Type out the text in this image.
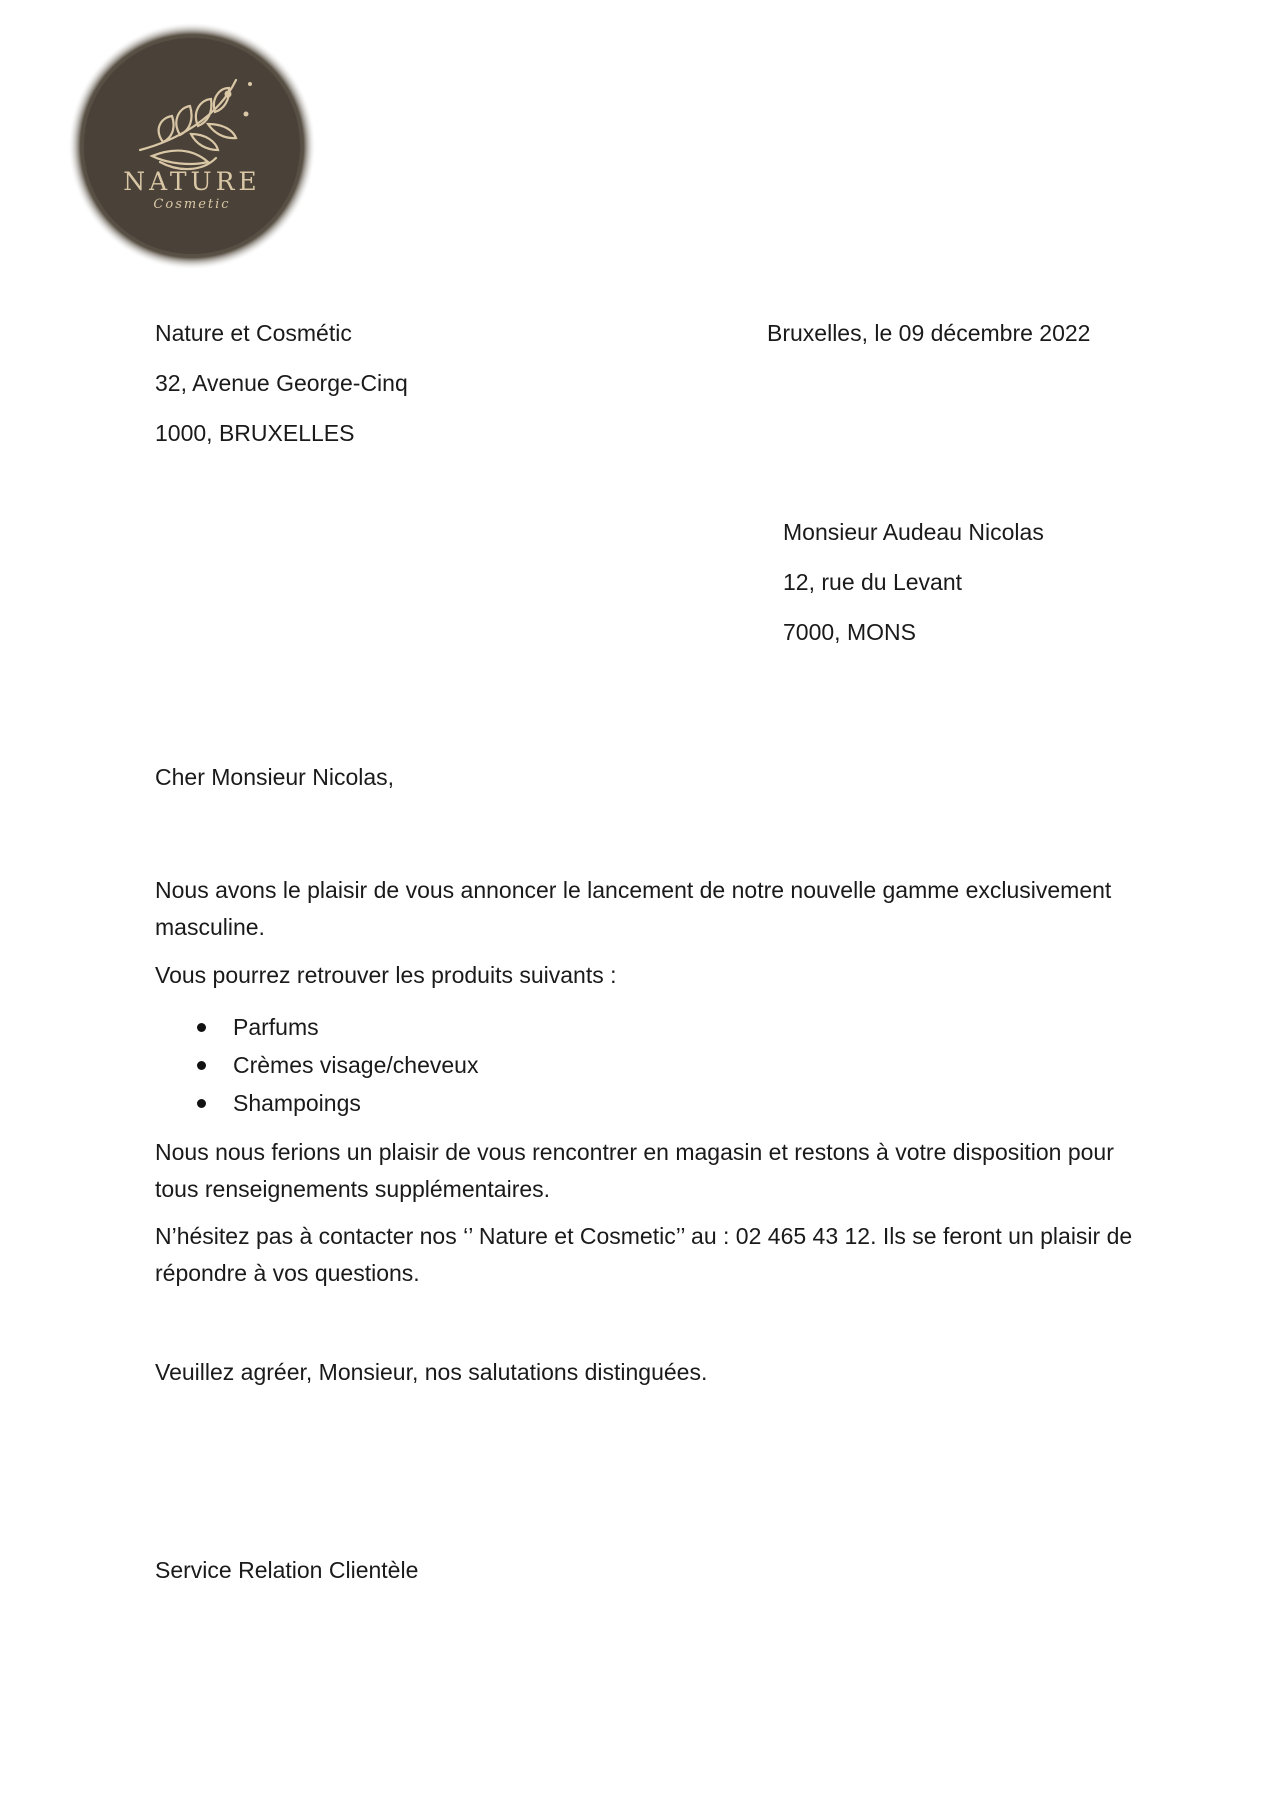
NATURE
Cosmetic
Nature et Cosmétic
32, Avenue George-Cinq
1000, BRUXELLES
Bruxelles, le 09 décembre 2022
Monsieur Audeau Nicolas
12, rue du Levant
7000, MONS
Cher Monsieur Nicolas,
Nous avons le plaisir de vous annoncer le lancement de notre nouvelle gamme exclusivement masculine.
Vous pourrez retrouver les produits suivants :
Parfums
Crèmes visage/cheveux
Shampoings
Nous nous ferions un plaisir de vous rencontrer en magasin et restons à votre disposition pour tous renseignements supplémentaires.
N’hésitez pas à contacter nos ‘’ Nature et Cosmetic’’ au : 02 465 43 12. Ils se feront un plaisir de répondre à vos questions.
Veuillez agréer, Monsieur, nos salutations distinguées.
Service Relation Clientèle
